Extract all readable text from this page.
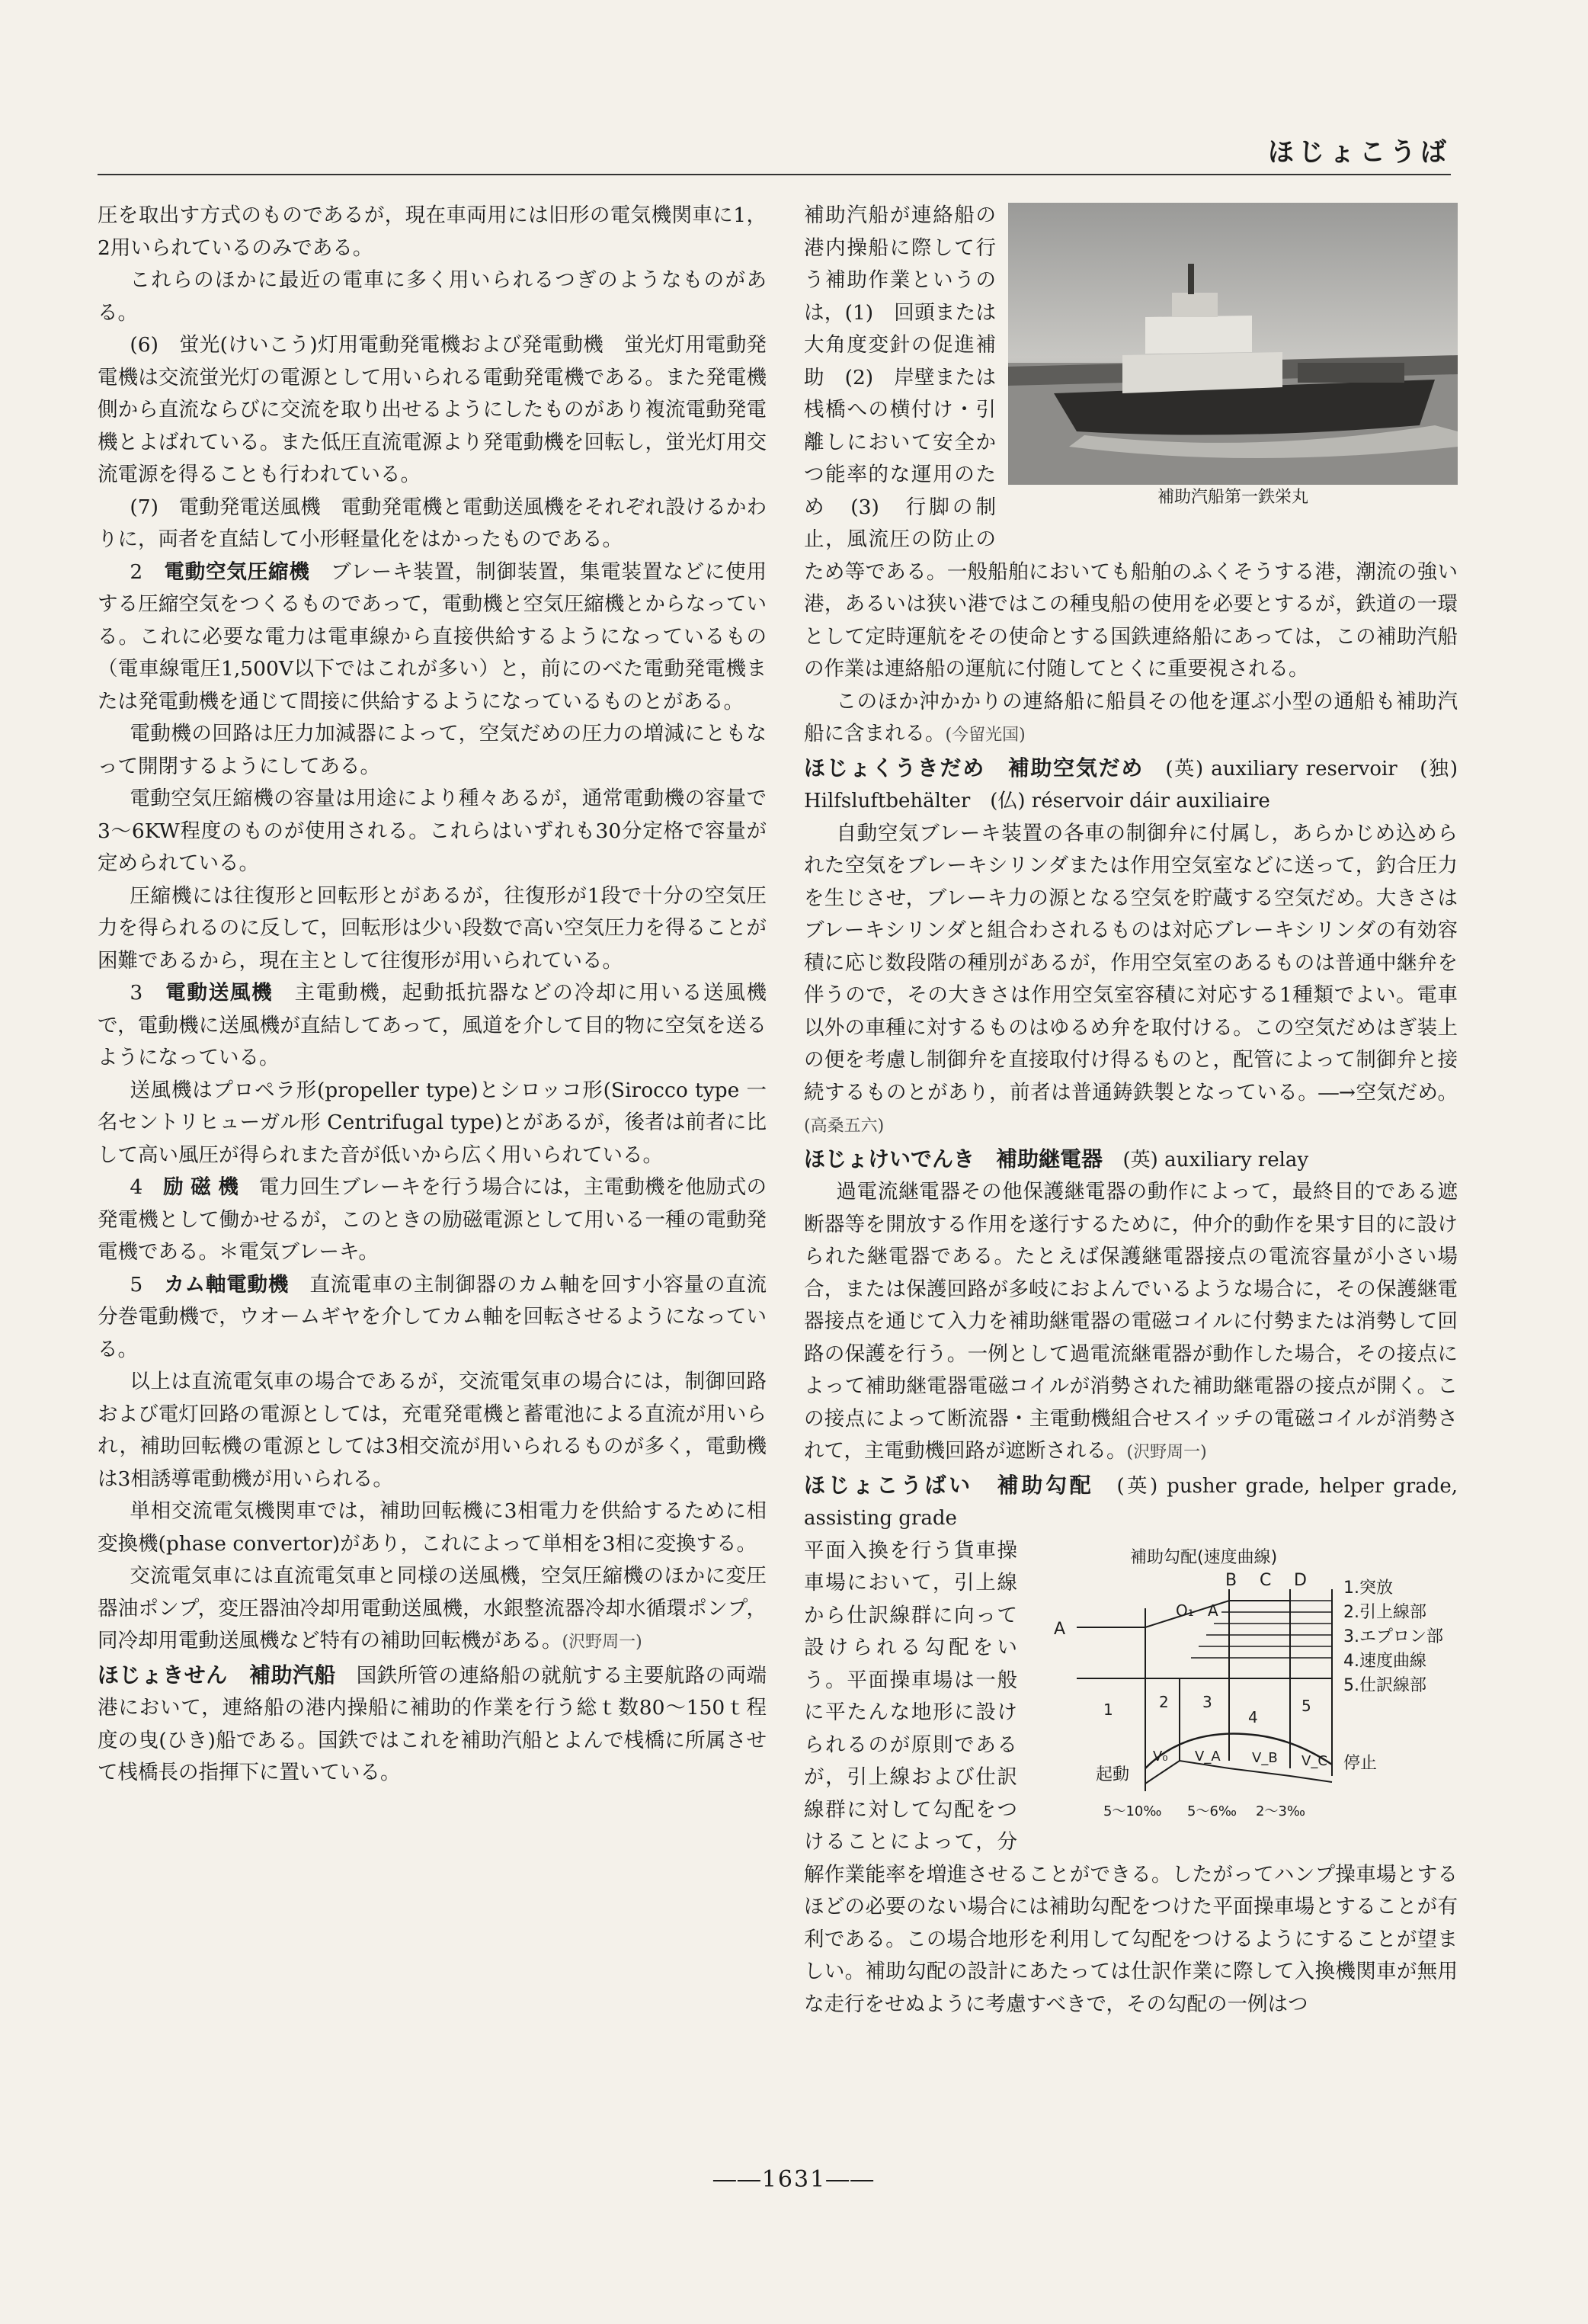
ほじょこうば

圧を取出す方式のものであるが，現在車両用には旧形の電気機関車に1，2用いられているのみである。

これらのほかに最近の電車に多く用いられるつぎのようなものがある。

(6)　蛍光(けいこう)灯用電動発電機および発電動機　蛍光灯用電動発電機は交流蛍光灯の電源として用いられる電動発電機である。また発電機側から直流ならびに交流を取り出せるようにしたものがあり複流電動発電機とよばれている。また低圧直流電源より発電動機を回転し，蛍光灯用交流電源を得ることも行われている。

(7)　電動発電送風機　電動発電機と電動送風機をそれぞれ設けるかわりに，両者を直結して小形軽量化をはかったものである。

2　 電動空気圧縮機　 ブレーキ装置，制御装置，集電装置などに使用する圧縮空気をつくるものであって，電動機と空気圧縮機とからなっている。これに必要な電力は電車線から直接供給するようになっているもの（電車線電圧1,500V以下ではこれが多い）と，前にのべた電動発電機または発電動機を通じて間接に供給するようになっているものとがある。

電動機の回路は圧力加減器によって，空気だめの圧力の増減にともなって開閉するようにしてある。

電動空気圧縮機の容量は用途により種々あるが，通常電動機の容量で3〜6KW程度のものが使用される。これらはいずれも30分定格で容量が定められている。

圧縮機には往復形と回転形とがあるが，往復形が1段で十分の空気圧力を得られるのに反して，回転形は少い段数で高い空気圧力を得ることが困難であるから，現在主として往復形が用いられている。

3　 電動送風機　 主電動機，起動抵抗器などの冷却に用いる送風機で，電動機に送風機が直結してあって，風道を介して目的物に空気を送るようになっている。

送風機はプロペラ形(propeller type)とシロッコ形(Sirocco type 一名セントリヒューガル形 Centrifugal type)とがあるが，後者は前者に比して高い風圧が得られまた音が低いから広く用いられている。

4　 励 磁 機　 電力回生ブレーキを行う場合には，主電動機を他励式の発電機として働かせるが，このときの励磁電源として用いる一種の電動発電機である。＊電気ブレーキ。

5　 カム軸電動機　 直流電車の主制御器のカム軸を回す小容量の直流分巻電動機で，ウオームギヤを介してカム軸を回転させるようになっている。

以上は直流電気車の場合であるが，交流電気車の場合には，制御回路および電灯回路の電源としては，充電発電機と蓄電池による直流が用いられ，補助回転機の電源としては3相交流が用いられるものが多く，電動機は3相誘導電動機が用いられる。

単相交流電気機関車では，補助回転機に3相電力を供給するために相変換機(phase convertor)があり，これによって単相を3相に変換する。

交流電気車には直流電気車と同様の送風機，空気圧縮機のほかに変圧器油ポンプ，変圧器油冷却用電動送風機，水銀整流器冷却水循環ポンプ，同冷却用電動送風機など特有の補助回転機がある。(沢野周一)

ほじょきせん　補助汽船　 国鉄所管の連絡船の就航する主要航路の両端港において，連絡船の港内操船に補助的作業を行う総ｔ数80〜150ｔ程度の曳(ひき)船である。国鉄ではこれを補助汽船とよんで桟橋に所属させて桟橋長の指揮下に置いている。

補助汽船第一鉄栄丸

補助汽船が連絡船の港内操船に際して行う補助作業というのは，(1)　回頭または大角度変針の促進補助　(2)　岸壁または桟橋への横付け・引離しにおいて安全かつ能率的な運用のため　(3)　行脚の制止，風流圧の防止のため等である。一般船舶においても船舶のふくそうする港，潮流の強い港，あるいは狭い港ではこの種曳船の使用を必要とするが，鉄道の一環として定時運航をその使命とする国鉄連絡船にあっては，この補助汽船の作業は連絡船の運航に付随してとくに重要視される。

このほか沖かかりの連絡船に船員その他を運ぶ小型の通船も補助汽船に含まれる。(今留光国)

ほじょくうきだめ　補助空気だめ　 (英) auxiliary reservoir　(独) Hilfsluftbehälter　(仏) réservoir dáir auxiliaire

自動空気ブレーキ装置の各車の制御弁に付属し，あらかじめ込められた空気をブレーキシリンダまたは作用空気室などに送って，釣合圧力を生じさせ，ブレーキ力の源となる空気を貯蔵する空気だめ。大きさはブレーキシリンダと組合わされるものは対応ブレーキシリンダの有効容積に応じ数段階の種別があるが，作用空気室のあるものは普通中継弁を伴うので，その大きさは作用空気室容積に対応する1種類でよい。電車以外の車種に対するものはゆるめ弁を取付ける。この空気だめはぎ装上の便を考慮し制御弁を直接取付け得るものと，配管によって制御弁と接続するものとがあり，前者は普通鋳鉄製となっている。―→空気だめ。(高桑五六)

ほじょけいでんき　補助継電器　 (英) auxiliary relay

過電流継電器その他保護継電器の動作によって，最終目的である遮断器等を開放する作用を遂行するために，仲介的動作を果す目的に設けられた継電器である。たとえば保護継電器接点の電流容量が小さい場合，または保護回路が多岐におよんでいるような場合に，その保護継電器接点を通じて入力を補助継電器の電磁コイルに付勢または消勢して回路の保護を行う。一例として過電流継電器が動作した場合，その接点によって補助継電器電磁コイルが消勢された補助継電器の接点が開く。この接点によって断流器・主電動機組合せスイッチの電磁コイルが消勢されて，主電動機回路が遮断される。(沢野周一)

ほじょこうばい　補助勾配　 (英) pusher grade, helper grade, assisting grade

補助勾配(速度曲線)
A
B C D
O₁ A
1	2 3
4
5
V₀ V_A V_B V_C
起動
停止
5〜10‰ 5〜6‰ 2〜3‰
1.突放
2.引上線部
3.エプロン部
4.速度曲線
5.仕訳線部

平面入換を行う貨車操車場において，引上線から仕訳線群に向って設けられる勾配をいう。平面操車場は一般に平たんな地形に設けられるのが原則であるが，引上線および仕訳線群に対して勾配をつけることによって，分解作業能率を増進させることができる。したがってハンプ操車場とするほどの必要のない場合には補助勾配をつけた平面操車場とすることが有利である。この場合地形を利用して勾配をつけるようにすることが望ましい。補助勾配の設計にあたっては仕訳作業に際して入換機関車が無用な走行をせぬように考慮すべきで，その勾配の一例はつ

――1631――
